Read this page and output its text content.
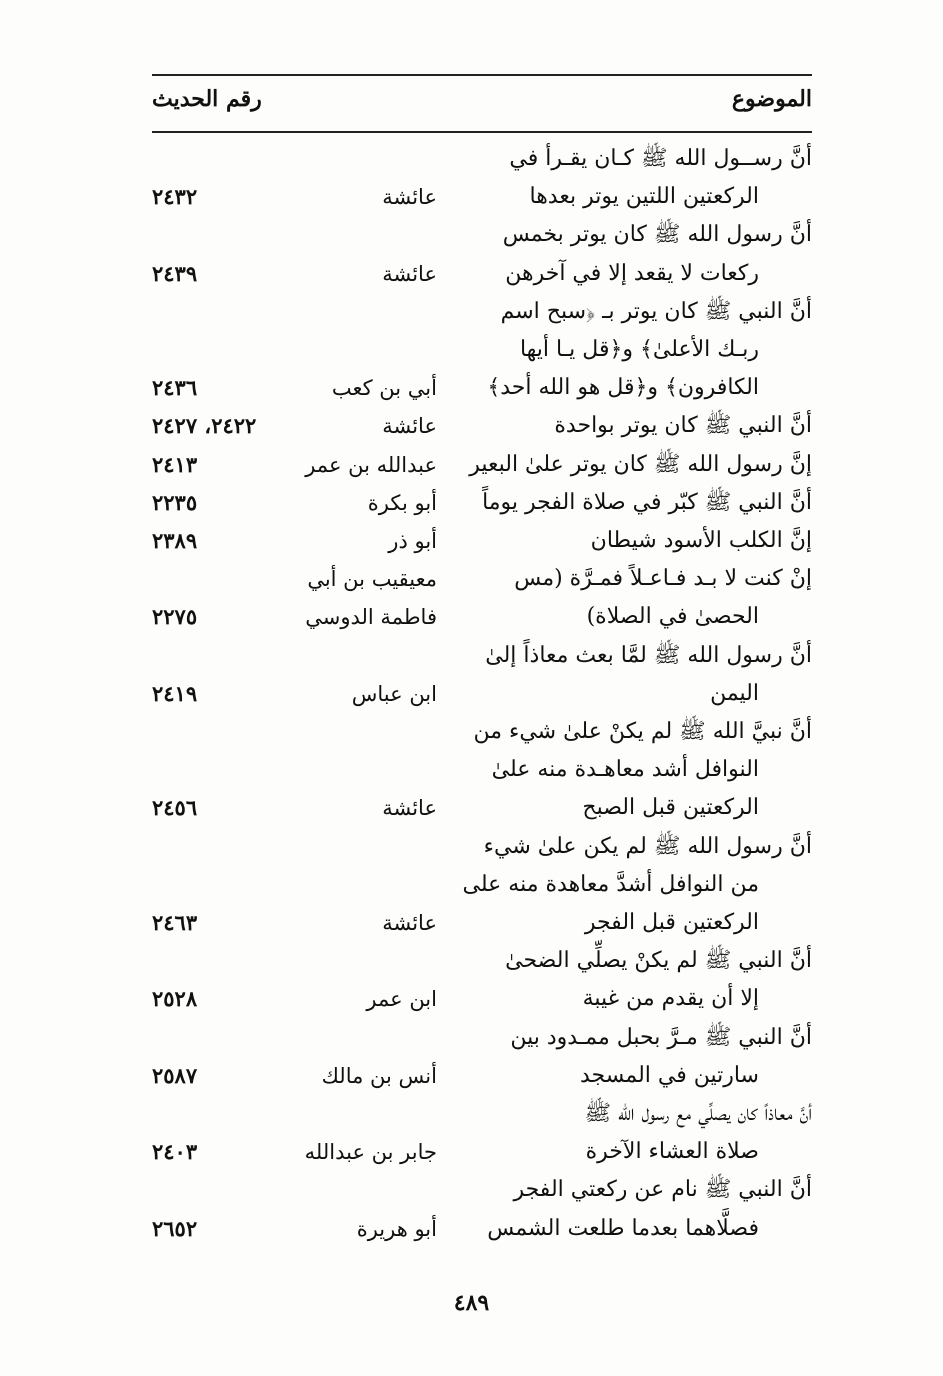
الموضوع
رقم الحديث
أنَّ رســول الله ﷺ كـان يقـرأ في
الركعتين اللتين يوتر بعدها
عائشة
٢٤٣٢
أنَّ رسول الله ﷺ كان يوتر بخمس
ركعات لا يقعد إلا في آخرهن
عائشة
٢٤٣٩
أنَّ النبي ﷺ كان يوتر بـ ﴿سبح اسم
ربـك الأعلىٰ﴾ و﴿قل يـا أيها
الكافرون﴾ و﴿قل هو الله أحد﴾
أبي بن كعب
٢٤٣٦
أنَّ النبي ﷺ كان يوتر بواحدة
عائشة
٢٤٢٢، ٢٤٢٧
إنَّ رسول الله ﷺ كان يوتر علىٰ البعير
عبدالله بن عمر
٢٤١٣
أنَّ النبي ﷺ كبّر في صلاة الفجر يوماً
أبو بكرة
٢٢٣٥
إنَّ الكلب الأسود شيطان
أبو ذر
٢٣٨٩
إنْ كنت لا بـد فـاعـلاً فمـرَّة (مس
الحصىٰ في الصلاة)
معيقيب بن أبي
فاطمة الدوسي
٢٢٧٥
أنَّ رسول الله ﷺ لمَّا بعث معاذاً إلىٰ
اليمن
ابن عباس
٢٤١٩
أنَّ نبيَّ الله ﷺ لم يكنْ علىٰ شيء من
النوافل أشد معاهـدة منه علىٰ
الركعتين قبل الصبح
عائشة
٢٤٥٦
أنَّ رسول الله ﷺ لم يكن علىٰ شيء
من النوافل أشدَّ معاهدة منه على
الركعتين قبل الفجر
عائشة
٢٤٦٣
أنَّ النبي ﷺ لم يكنْ يصلِّي الضحىٰ
إلا أن يقدم من غيبة
ابن عمر
٢٥٢٨
أنَّ النبي ﷺ مـرَّ بحبل ممـدود بين
سارتين في المسجد
أنس بن مالك
٢٥٨٧
أنَّ معاذاً كان يصلِّي مع رسول الله ﷺ
صلاة العشاء الآخرة
جابر بن عبدالله
٢٤٠٣
أنَّ النبي ﷺ نام عن ركعتي الفجر
فصلَّاهما بعدما طلعت الشمس
أبو هريرة
٢٦٥٢
٤٨٩
